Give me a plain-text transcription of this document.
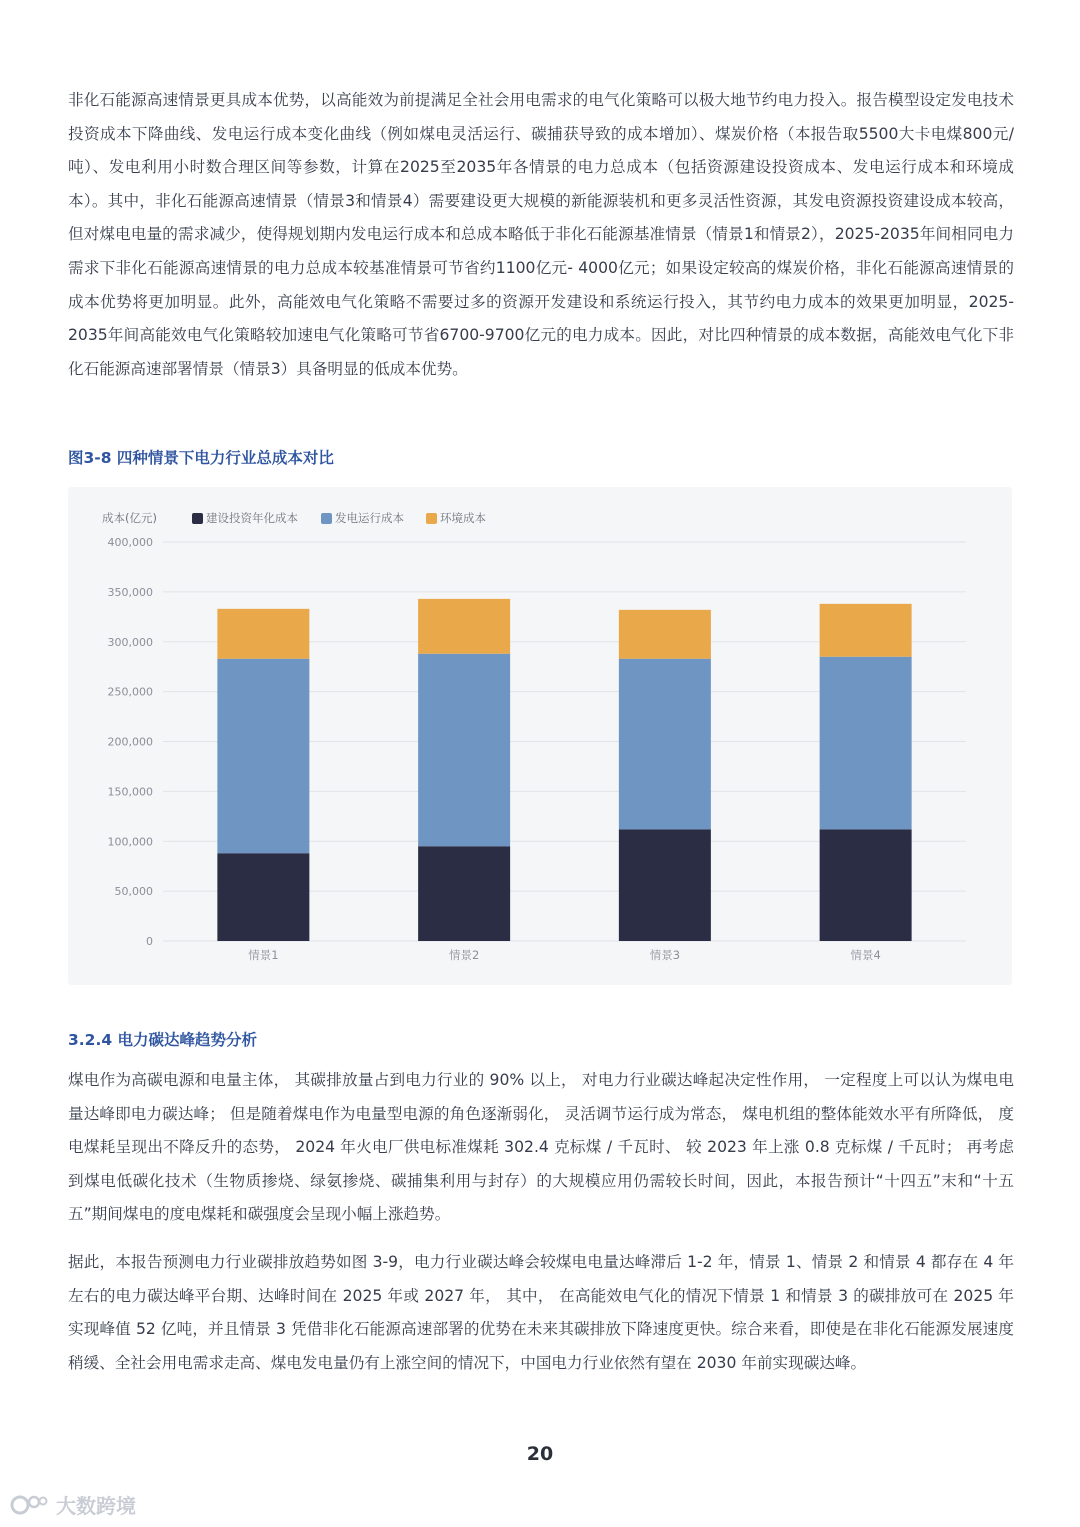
非化石能源高速情景更具成本优势，以高能效为前提满足全社会用电需求的电气化策略可以极大地节约电力投入。报告模型设定发电技术投资成本下降曲线、发电运行成本变化曲线（例如煤电灵活运行、碳捕获导致的成本增加）、煤炭价格（本报告取5500大卡电煤800元/吨）、发电利用小时数合理区间等参数，计算在2025至2035年各情景的电力总成本（包括资源建设投资成本、发电运行成本和环境成本）。其中，非化石能源高速情景（情景3和情景4）需要建设更大规模的新能源装机和更多灵活性资源，其发电资源投资建设成本较高，但对煤电电量的需求减少，使得规划期内发电运行成本和总成本略低于非化石能源基准情景（情景1和情景2），2025-2035年间相同电力需求下非化石能源高速情景的电力总成本较基准情景可节省约1100亿元- 4000亿元；如果设定较高的煤炭价格，非化石能源高速情景的成本优势将更加明显。此外，高能效电气化策略不需要过多的资源开发建设和系统运行投入，其节约电力成本的效果更加明显，2025-2035年间高能效电气化策略较加速电气化策略可节省6700-9700亿元的电力成本。因此，对比四种情景的成本数据，高能效电气化下非化石能源高速部署情景（情景3）具备明显的低成本优势。

图3-8 四种情景下电力行业总成本对比
0
50,000
100,000
150,000
200,000
250,000
300,000
350,000
400,000
情景1	情景2	情景3	情景4
成本(亿元)	建设投资年化成本	发电运行成本	环境成本
3.2.4 电力碳达峰趋势分析

煤电作为高碳电源和电量主体， 其碳排放量占到电力行业的 90% 以上， 对电力行业碳达峰起决定性作用， 一定程度上可以认为煤电电量达峰即电力碳达峰； 但是随着煤电作为电量型电源的角色逐渐弱化， 灵活调节运行成为常态， 煤电机组的整体能效水平有所降低， 度电煤耗呈现出不降反升的态势， 2024 年火电厂供电标准煤耗 302.4 克标煤 / 千瓦时、 较 2023 年上涨 0.8 克标煤 / 千瓦时； 再考虑到煤电低碳化技术（生物质掺烧、绿氨掺烧、碳捕集利用与封存）的大规模应用仍需较长时间，因此，本报告预计“十四五”末和“十五五”期间煤电的度电煤耗和碳强度会呈现小幅上涨趋势。

据此，本报告预测电力行业碳排放趋势如图 3-9，电力行业碳达峰会较煤电电量达峰滞后 1-2 年，情景 1、情景 2 和情景 4 都存在 4 年左右的电力碳达峰平台期、达峰时间在 2025 年或 2027 年， 其中， 在高能效电气化的情况下情景 1 和情景 3 的碳排放可在 2025 年实现峰值 52 亿吨，并且情景 3 凭借非化石能源高速部署的优势在未来其碳排放下降速度更快。综合来看，即使是在非化石能源发展速度稍缓、全社会用电需求走高、煤电发电量仍有上涨空间的情况下，中国电力行业依然有望在 2030 年前实现碳达峰。

20
大数跨境
